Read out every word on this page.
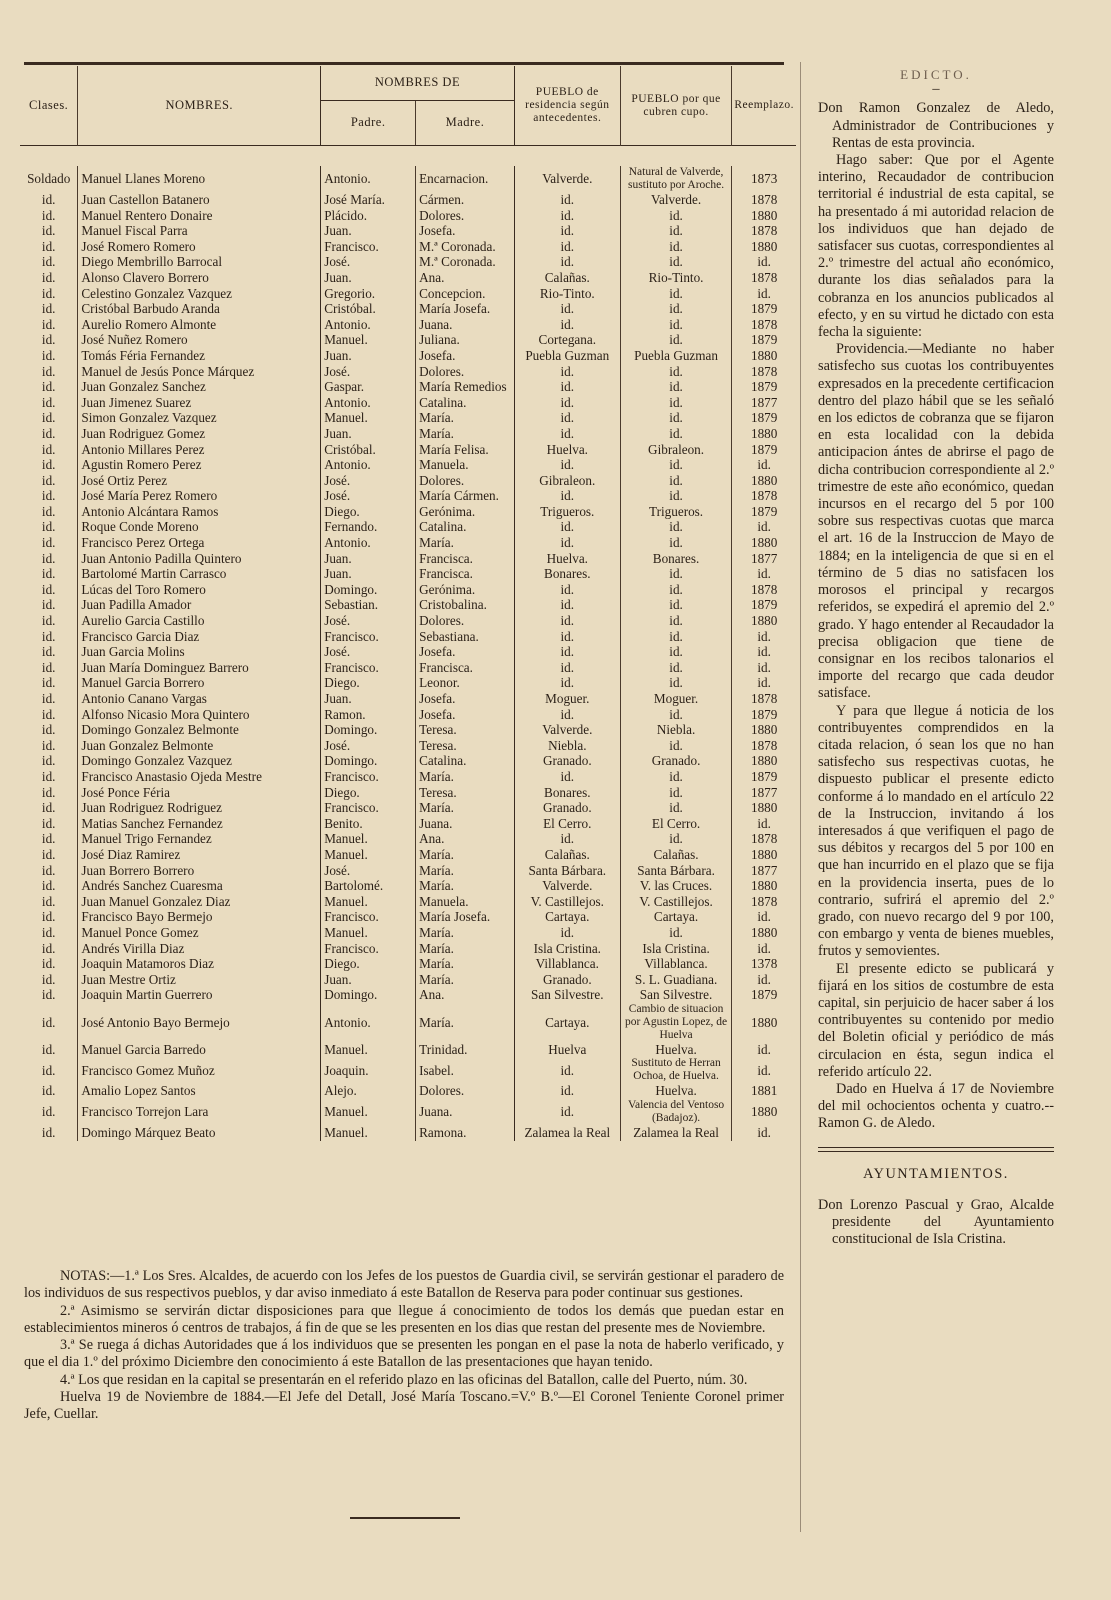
Clases.	NOMBRES.	NOMBRES DE		PUEBLO de residencia según antecedentes.	PUEBLO por que cubren cupo.	Reemplazo.
		Padre.	Madre.			

Soldado	Manuel Llanes Moreno	Antonio.	Encarnacion.	Valverde.	Natural de Valverde, sustituto por Aroche.	1873
id.	Juan Castellon Batanero	José María.	Cármen.	id.	Valverde.	1878
id.	Manuel Rentero Donaire	Plácido.	Dolores.	id.	id.	1880
id.	Manuel Fiscal Parra	Juan.	Josefa.	id.	id.	1878
id.	José Romero Romero	Francisco.	M.ª Coronada.	id.	id.	1880
id.	Diego Membrillo Barrocal	José.	M.ª Coronada.	id.	id.	id.
id.	Alonso Clavero Borrero	Juan.	Ana.	Calañas.	Rio-Tinto.	1878
id.	Celestino Gonzalez Vazquez	Gregorio.	Concepcion.	Rio-Tinto.	id.	id.
id.	Cristóbal Barbudo Aranda	Cristóbal.	María Josefa.	id.	id.	1879
id.	Aurelio Romero Almonte	Antonio.	Juana.	id.	id.	1878
id.	José Nuñez Romero	Manuel.	Juliana.	Cortegana.	id.	1879
id.	Tomás Féria Fernandez	Juan.	Josefa.	Puebla Guzman	Puebla Guzman	1880
id.	Manuel de Jesús Ponce Márquez	José.	Dolores.	id.	id.	1878
id.	Juan Gonzalez Sanchez	Gaspar.	María Remedios	id.	id.	1879
id.	Juan Jimenez Suarez	Antonio.	Catalina.	id.	id.	1877
id.	Simon Gonzalez Vazquez	Manuel.	María.	id.	id.	1879
id.	Juan Rodriguez Gomez	Juan.	María.	id.	id.	1880
id.	Antonio Millares Perez	Cristóbal.	María Felisa.	Huelva.	Gibraleon.	1879
id.	Agustin Romero Perez	Antonio.	Manuela.	id.	id.	id.
id.	José Ortiz Perez	José.	Dolores.	Gibraleon.	id.	1880
id.	José María Perez Romero	José.	María Cármen.	id.	id.	1878
id.	Antonio Alcántara Ramos	Diego.	Gerónima.	Trigueros.	Trigueros.	1879
id.	Roque Conde Moreno	Fernando.	Catalina.	id.	id.	id.
id.	Francisco Perez Ortega	Antonio.	María.	id.	id.	1880
id.	Juan Antonio Padilla Quintero	Juan.	Francisca.	Huelva.	Bonares.	1877
id.	Bartolomé Martin Carrasco	Juan.	Francisca.	Bonares.	id.	id.
id.	Lúcas del Toro Romero	Domingo.	Gerónima.	id.	id.	1878
id.	Juan Padilla Amador	Sebastian.	Cristobalina.	id.	id.	1879
id.	Aurelio Garcia Castillo	José.	Dolores.	id.	id.	1880
id.	Francisco Garcia Diaz	Francisco.	Sebastiana.	id.	id.	id.
id.	Juan Garcia Molins	José.	Josefa.	id.	id.	id.
id.	Juan María Dominguez Barrero	Francisco.	Francisca.	id.	id.	id.
id.	Manuel Garcia Borrero	Diego.	Leonor.	id.	id.	id.
id.	Antonio Canano Vargas	Juan.	Josefa.	Moguer.	Moguer.	1878
id.	Alfonso Nicasio Mora Quintero	Ramon.	Josefa.	id.	id.	1879
id.	Domingo Gonzalez Belmonte	Domingo.	Teresa.	Valverde.	Niebla.	1880
id.	Juan Gonzalez Belmonte	José.	Teresa.	Niebla.	id.	1878
id.	Domingo Gonzalez Vazquez	Domingo.	Catalina.	Granado.	Granado.	1880
id.	Francisco Anastasio Ojeda Mestre	Francisco.	María.	id.	id.	1879
id.	José Ponce Féria	Diego.	Teresa.	Bonares.	id.	1877
id.	Juan Rodriguez Rodriguez	Francisco.	María.	Granado.	id.	1880
id.	Matias Sanchez Fernandez	Benito.	Juana.	El Cerro.	El Cerro.	id.
id.	Manuel Trigo Fernandez	Manuel.	Ana.	id.	id.	1878
id.	José Diaz Ramirez	Manuel.	María.	Calañas.	Calañas.	1880
id.	Juan Borrero Borrero	José.	María.	Santa Bárbara.	Santa Bárbara.	1877
id.	Andrés Sanchez Cuaresma	Bartolomé.	María.	Valverde.	V. las Cruces.	1880
id.	Juan Manuel Gonzalez Diaz	Manuel.	Manuela.	V. Castillejos.	V. Castillejos.	1878
id.	Francisco Bayo Bermejo	Francisco.	María Josefa.	Cartaya.	Cartaya.	id.
id.	Manuel Ponce Gomez	Manuel.	María.	id.	id.	1880
id.	Andrés Virilla Diaz	Francisco.	María.	Isla Cristina.	Isla Cristina.	id.
id.	Joaquin Matamoros Diaz	Diego.	María.	Villablanca.	Villablanca.	1378
id.	Juan Mestre Ortiz	Juan.	María.	Granado.	S. L. Guadiana.	id.
id.	Joaquin Martin Guerrero	Domingo.	Ana.	San Silvestre.	San Silvestre.	1879
id.	José Antonio Bayo Bermejo	Antonio.	María.	Cartaya.	Cambio de situacion por Agustin Lopez, de Huelva	1880
id.	Manuel Garcia Barredo	Manuel.	Trinidad.	Huelva	Huelva.	id.
id.	Francisco Gomez Muñoz	Joaquin.	Isabel.	id.	Sustituto de Herran Ochoa, de Huelva.	id.
id.	Amalio Lopez Santos	Alejo.	Dolores.	id.	Huelva.	1881
id.	Francisco Torrejon Lara	Manuel.	Juana.	id.	Valencia del Ventoso (Badajoz).	1880
id.	Domingo Márquez Beato	Manuel.	Ramona.	Zalamea la Real	Zalamea la Real	id.

NOTAS:—1.ª Los Sres. Alcaldes, de acuerdo con los Jefes de los puestos de Guardia civil, se servirán gestionar el paradero de los individuos de sus respectivos pueblos, y dar aviso inmediato á este Batallon de Reserva para poder continuar sus gestiones.

2.ª Asimismo se servirán dictar disposiciones para que llegue á conocimiento de todos los demás que puedan estar en establecimientos mineros ó centros de trabajos, á fin de que se les presenten en los dias que restan del presente mes de Noviembre.

3.ª Se ruega á dichas Autoridades que á los individuos que se presenten les pongan en el pase la nota de haberlo verificado, y que el dia 1.º del próximo Diciembre den conocimiento á este Batallon de las presentaciones que hayan tenido.

4.ª Los que residan en la capital se presentarán en el referido plazo en las oficinas del Batallon, calle del Puerto, núm. 30.

Huelva 19 de Noviembre de 1884.—El Jefe del Detall, José María Toscano.=V.º B.º—El Coronel Teniente Coronel primer Jefe, Cuellar.

EDICTO.
–
Don Ramon Gonzalez de Aledo, Administrador de Contribuciones y Rentas de esta provincia.

Hago saber: Que por el Agente interino, Recaudador de contribucion territorial é industrial de esta capital, se ha presentado á mi autoridad relacion de los individuos que han dejado de satisfacer sus cuotas, correspondientes al 2.º trimestre del actual año económico, durante los dias señalados para la cobranza en los anuncios publicados al efecto, y en su virtud he dictado con esta fecha la siguiente:

Providencia.—Mediante no haber satisfecho sus cuotas los contribuyentes expresados en la precedente certificacion dentro del plazo hábil que se les señaló en los edictos de cobranza que se fijaron en esta localidad con la debida anticipacion ántes de abrirse el pago de dicha contribucion correspondiente al 2.º trimestre de este año económico, quedan incursos en el recargo del 5 por 100 sobre sus respectivas cuotas que marca el art. 16 de la Instruccion de Mayo de 1884; en la inteligencia de que si en el término de 5 dias no satisfacen los morosos el principal y recargos referidos, se expedirá el apremio del 2.º grado. Y hago entender al Recaudador la precisa obligacion que tiene de consignar en los recibos talonarios el importe del recargo que cada deudor satisface.

Y para que llegue á noticia de los contribuyentes comprendidos en la citada relacion, ó sean los que no han satisfecho sus respectivas cuotas, he dispuesto publicar el presente edicto conforme á lo mandado en el artículo 22 de la Instruccion, invitando á los interesados á que verifiquen el pago de sus débitos y recargos del 5 por 100 en que han incurrido en el plazo que se fija en la providencia inserta, pues de lo contrario, sufrirá el apremio del 2.º grado, con nuevo recargo del 9 por 100, con embargo y venta de bienes muebles, frutos y semovientes.

El presente edicto se publicará y fijará en los sitios de costumbre de esta capital, sin perjuicio de hacer saber á los contribuyentes su contenido por medio del Boletin oficial y periódico de más circulacion en ésta, segun indica el referido artículo 22.

Dado en Huelva á 17 de Noviembre del mil ochocientos ochenta y cuatro.--Ramon G. de Aledo.

AYUNTAMIENTOS.
Don Lorenzo Pascual y Grao, Alcalde presidente del Ayuntamiento constitucional de Isla Cristina.
